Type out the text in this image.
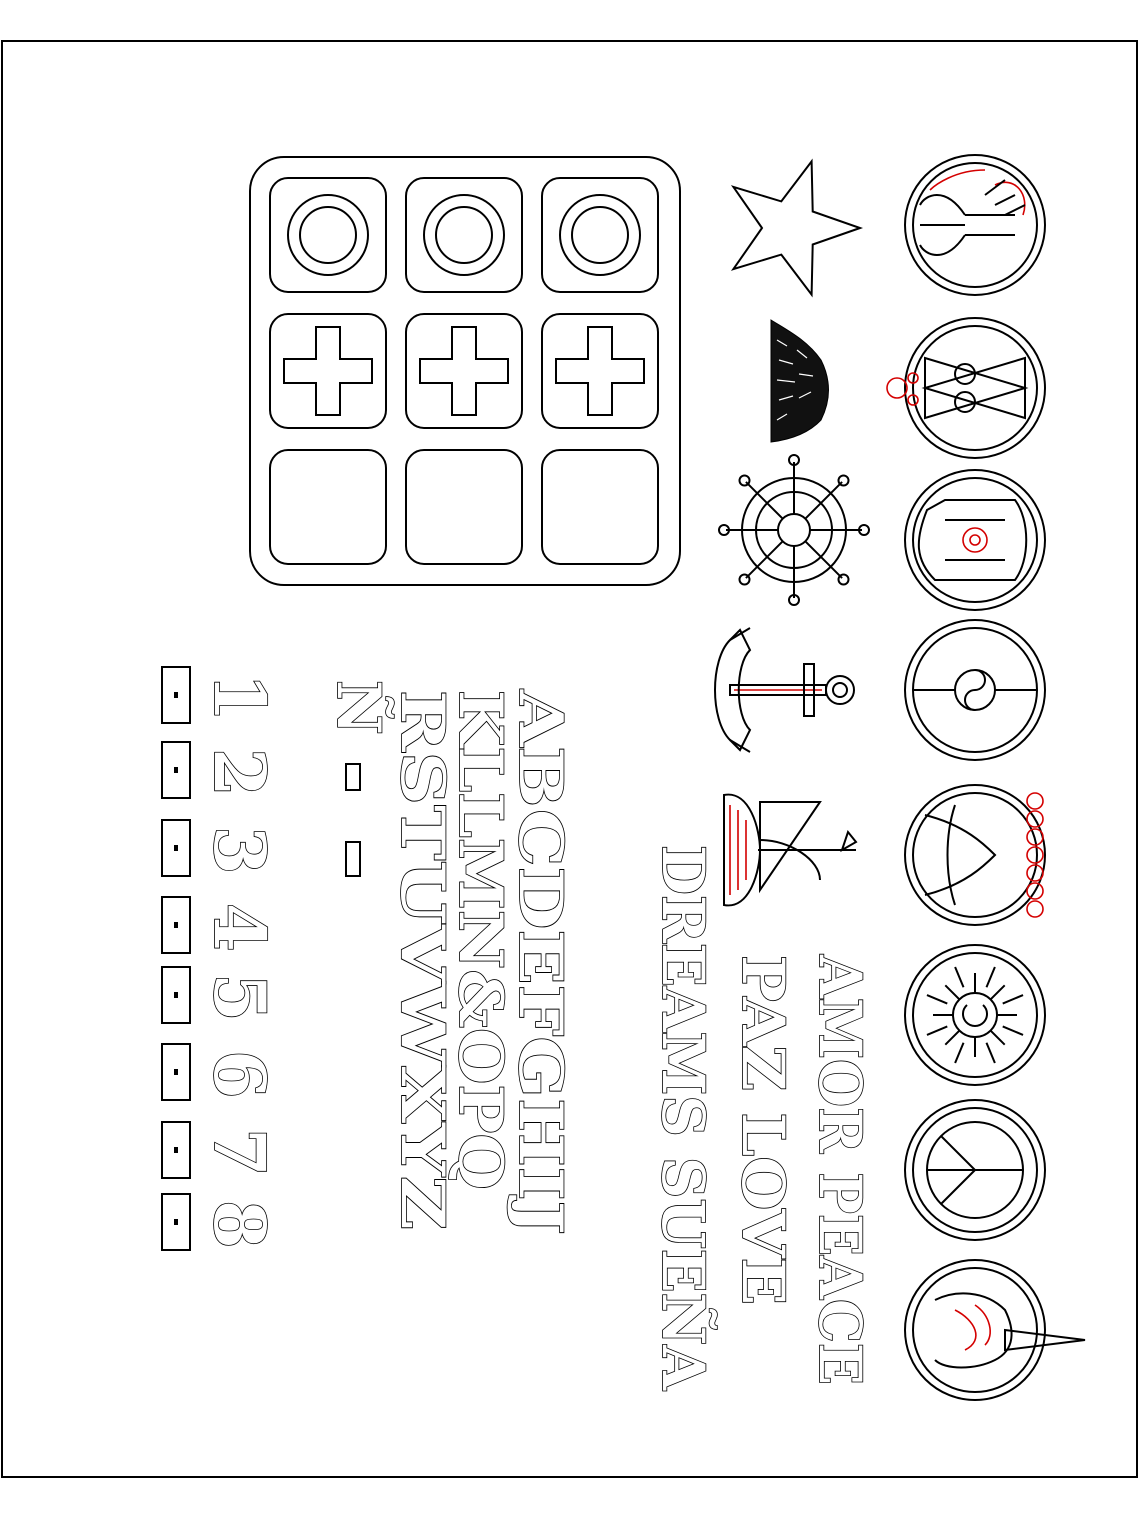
AMOR PEACE
PAZ LOVE
DREAMS SUEÑA
ABCDEFGHIJ
KLLMN&OPQ
RSTUVWXYZ
Ñ
1
2
3
4
5
6
7
8
